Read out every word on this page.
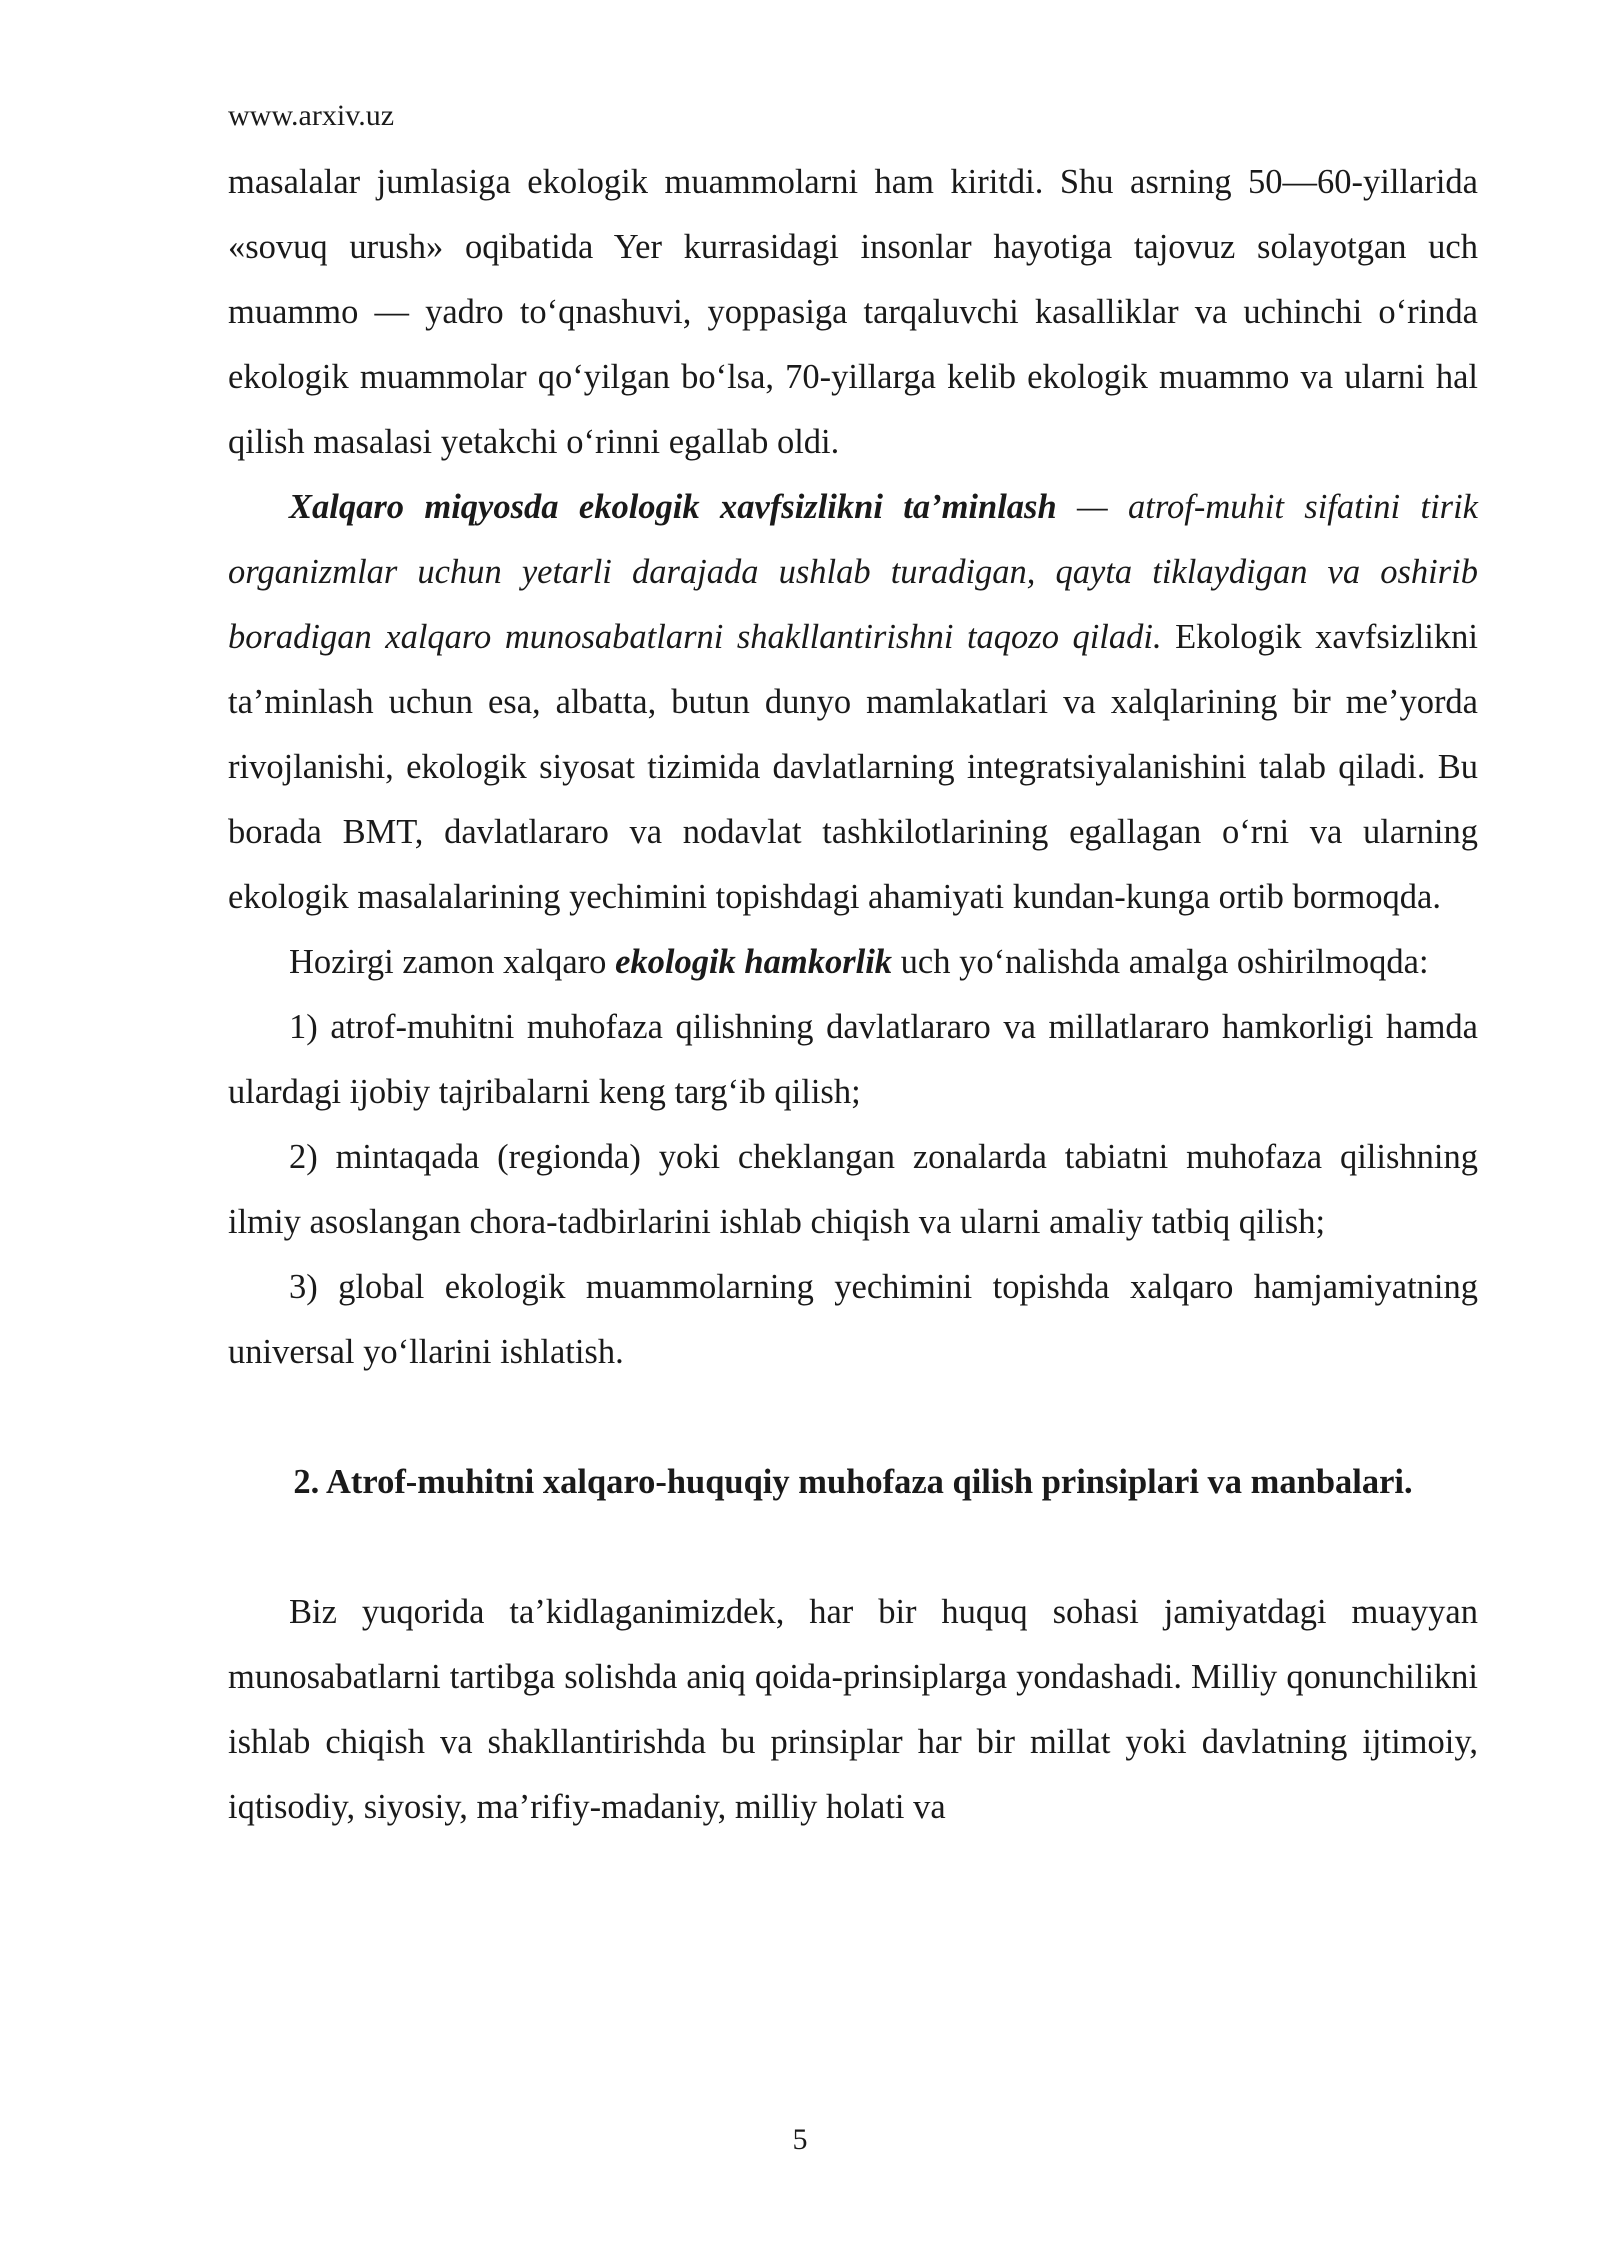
www.arxiv.uz

masalalar jumlasiga ekologik muammolarni ham kiritdi. Shu asrning 50—60-yillarida «sovuq urush» oqibatida Yer kurrasidagi insonlar hayotiga tajovuz solayotgan uch muammo — yadro to‘qnashuvi, yoppasiga tarqaluvchi kasalliklar va uchinchi o‘rinda ekologik muammolar qo‘yilgan bo‘lsa, 70-yillarga kelib ekologik muammo va ularni hal qilish masalasi yetakchi o‘rinni egallab oldi.

Xalqaro miqyosda ekologik xavfsizlikni ta’minlash — atrof-muhit sifatini tirik organizmlar uchun yetarli darajada ushlab turadigan, qayta tiklaydigan va oshirib boradigan xalqaro munosabatlarni shakllantirishni taqozo qiladi. Ekologik xavfsizlikni ta’minlash uchun esa, albatta, butun dunyo mamlakatlari va xalqlarining bir me’yorda rivojlanishi, ekologik siyosat tizimida davlatlarning integratsiyalanishini talab qiladi. Bu borada BMT, davlatlararo va nodavlat tashkilotlarining egallagan o‘rni va ularning ekologik masalalarining yechimini topishdagi ahamiyati kundan-kunga ortib bormoqda.

Hozirgi zamon xalqaro ekologik hamkorlik uch yo‘nalishda amalga oshirilmoqda:

1) atrof-muhitni muhofaza qilishning davlatlararo va millatlararo hamkorligi hamda ulardagi ijobiy tajribalarni keng targ‘ib qilish;

2) mintaqada (regionda) yoki cheklangan zonalarda tabiatni muhofaza qilishning ilmiy asoslangan chora-tadbirlarini ishlab chiqish va ularni amaliy tatbiq qilish;

3) global ekologik muammolarning yechimini topishda xalqaro hamjamiyatning universal yo‘llarini ishlatish.

2. Atrof-muhitni xalqaro-huquqiy muhofaza qilish prinsiplari va manbalari.

Biz yuqorida ta’kidlaganimizdek, har bir huquq sohasi jamiyatdagi muayyan munosabatlarni tartibga solishda aniq qoida-prinsiplarga yondashadi. Milliy qonunchilikni ishlab chiqish va shakllantirishda bu prinsiplar har bir millat yoki davlatning ijtimoiy, iqtisodiy, siyosiy, ma’rifiy-madaniy, milliy holati va

5
